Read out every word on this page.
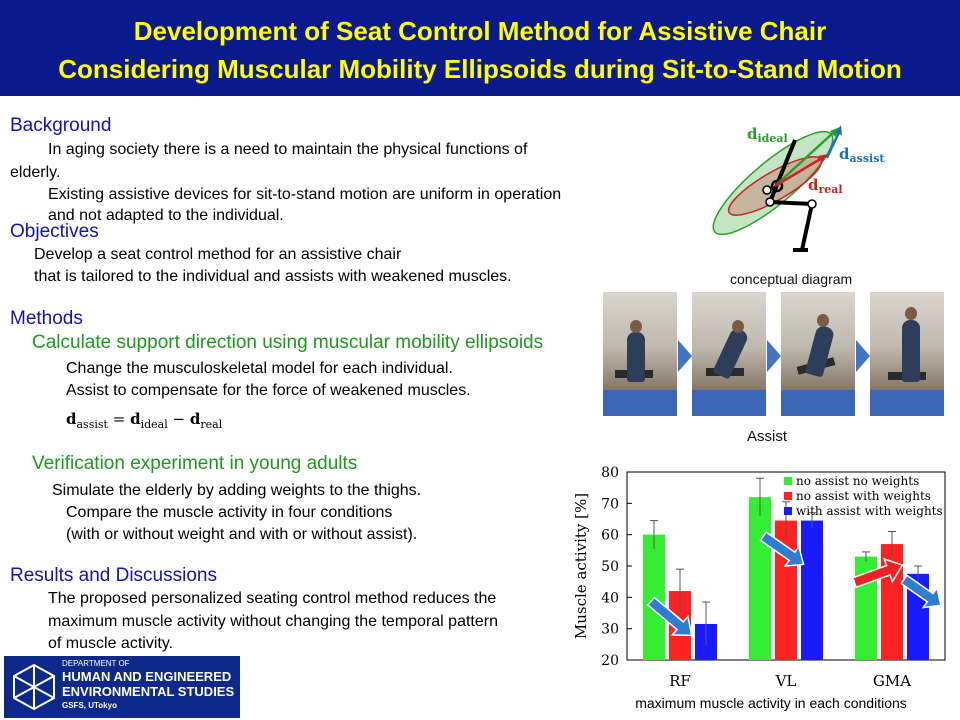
Development of Seat Control Method for Assistive Chair
Considering Muscular Mobility Ellipsoids during Sit-to-Stand Motion
Background
In aging society there is a need to maintain the physical functions of
elderly.
Existing assistive devices for sit-to-stand motion are uniform in operation
and not adapted to the individual.
Objectives
Develop a seat control method for an assistive chair
that is tailored to the individual and assists with weakened muscles.
Methods
Calculate support direction using muscular mobility ellipsoids
Change the musculoskeletal model for each individual.
Assist to compensate for the force of weakened muscles.
$d_{assist} = d_{ideal} - d_{real}$
Verification experiment in young adults
Simulate the elderly by adding weights to the thighs.
Compare the muscle activity in four conditions
(with or without weight and with or without assist).
Results and Discussions
The proposed personalized seating control method reduces the
maximum muscle activity without changing the temporal pattern
of muscle activity.
$d_{ideal}$
$d_{assist}$
$d_{real}$
conceptual diagram
Assist
20
30
40
50
60
70
80
Muscle activity [%]
RF	VL	GMA
maximum muscle activity in each conditions
no assist no weights
no assist with weights
with assist with weights
DEPARTMENT OF
HUMAN AND ENGINEERED
ENVIRONMENTAL STUDIES
GSFS, UTokyo
